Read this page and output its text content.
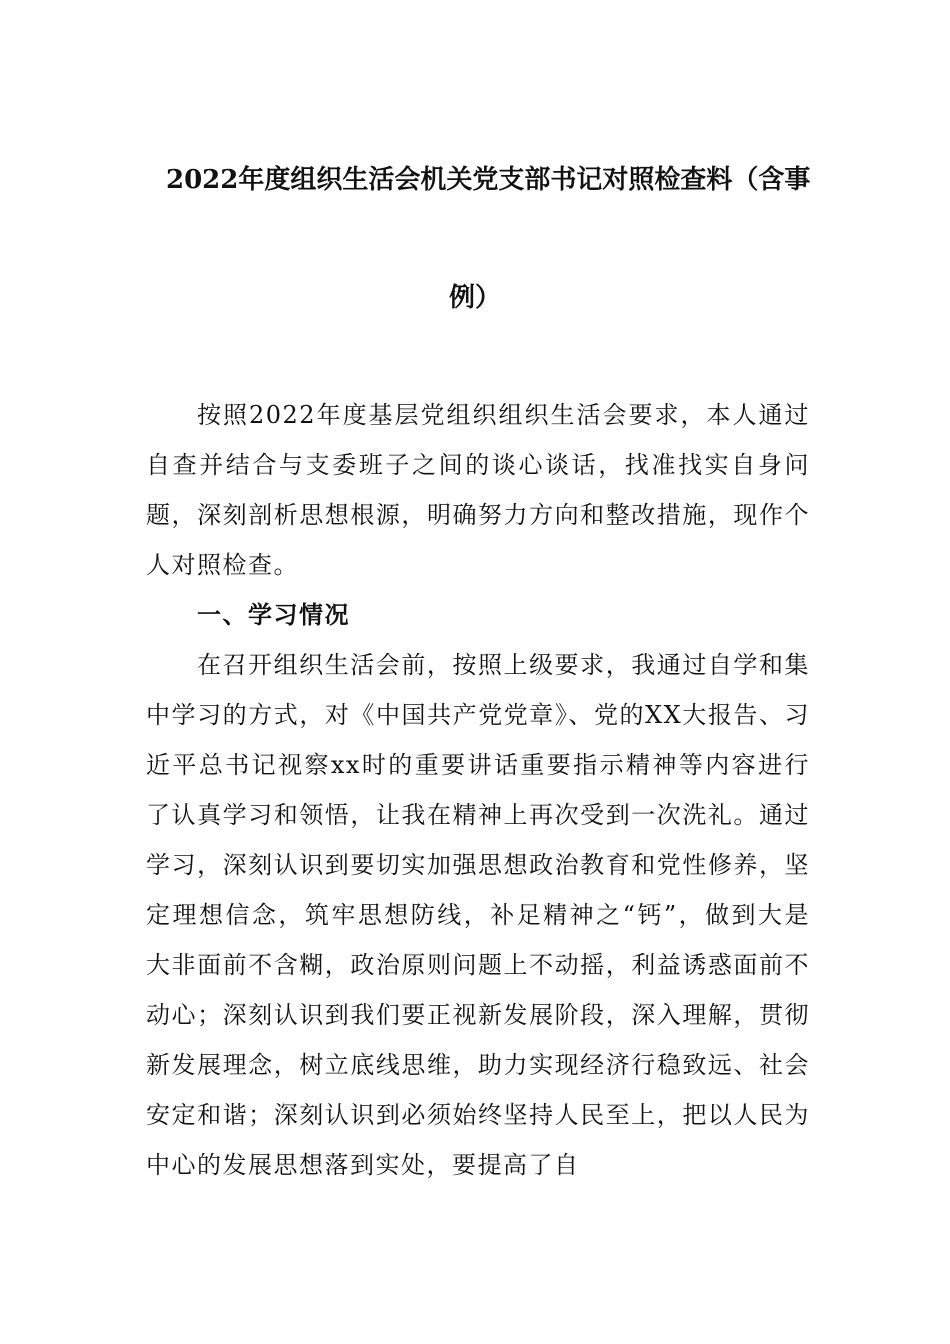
2022年度组织生活会机关党支部书记对照检查料（含事
例）

按照2022年度基层党组织组织生活会要求，本人通过自查并结合与支委班子之间的谈心谈话，找准找实自身问题，深刻剖析思想根源，明确努力方向和整改措施，现作个人对照检查。

一、学习情况

在召开组织生活会前，按照上级要求，我通过自学和集中学习的方式，对《中国共产党党章》、党的XX大报告、习近平总书记视察xx时的重要讲话重要指示精神等内容进行了认真学习和领悟，让我在精神上再次受到一次洗礼。通过学习，深刻认识到要切实加强思想政治教育和党性修养，坚定理想信念，筑牢思想防线，补足精神之“钙”，做到大是大非面前不含糊，政治原则问题上不动摇，利益诱惑面前不动心；深刻认识到我们要正视新发展阶段，深入理解，贯彻新发展理念，树立底线思维，助力实现经济行稳致远、社会安定和谐；深刻认识到必须始终坚持人民至上，把以人民为中心的发展思想落到实处，要提高了自
